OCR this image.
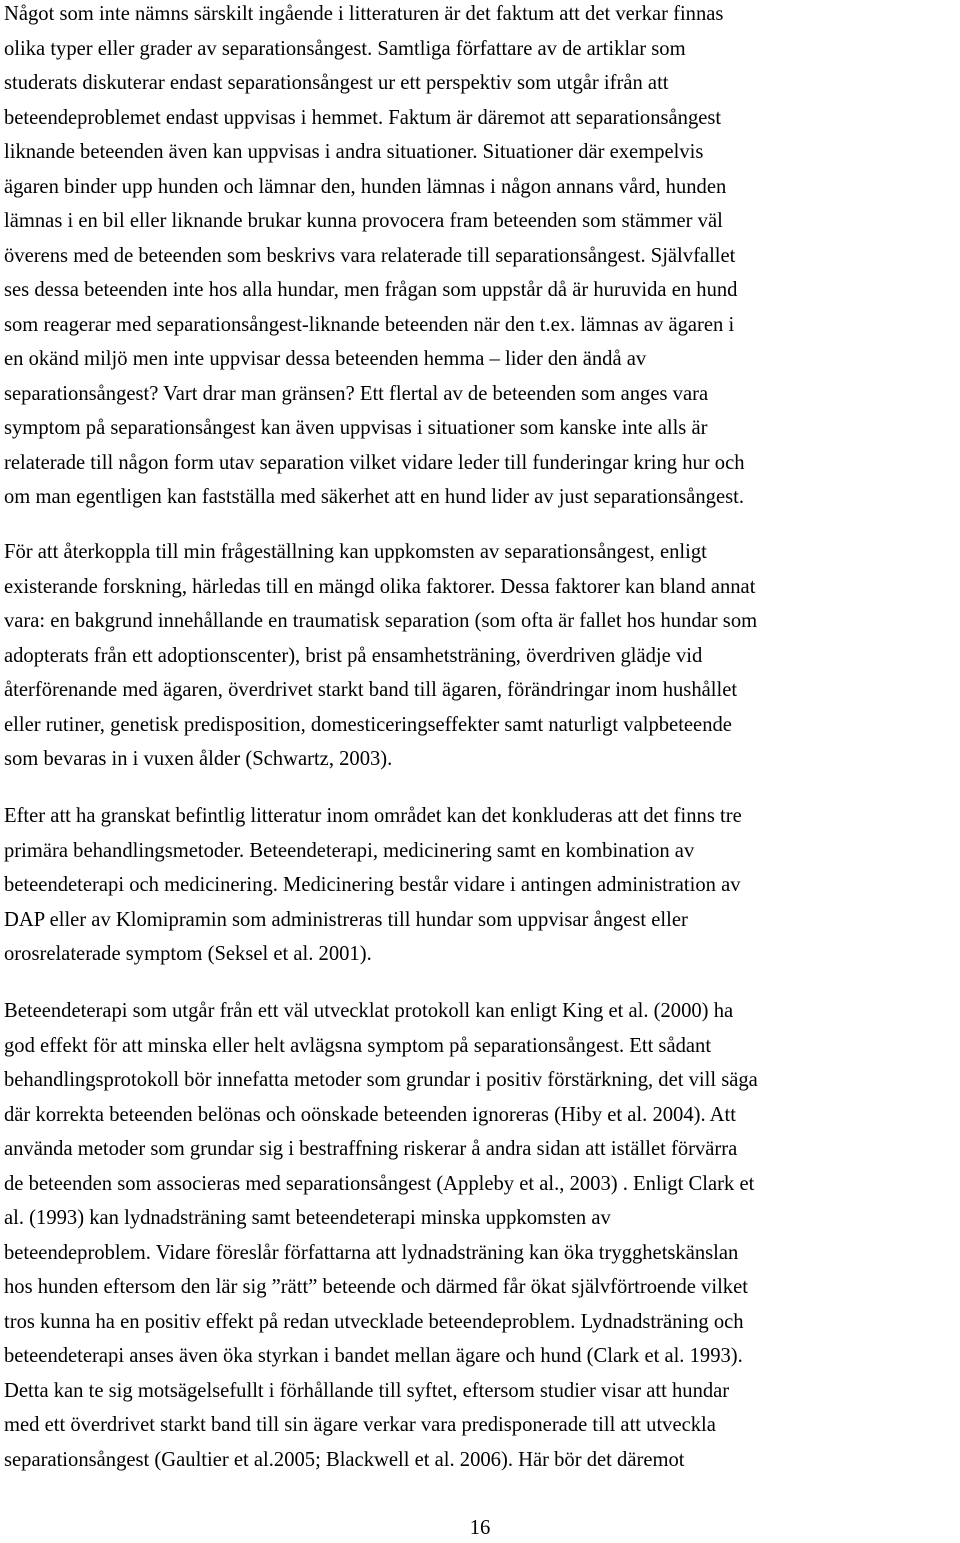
Något som inte nämns särskilt ingående i litteraturen är det faktum att det verkar finnas
olika typer eller grader av separationsångest. Samtliga författare av de artiklar som
studerats diskuterar endast separationsångest ur ett perspektiv som utgår ifrån att
beteendeproblemet endast uppvisas i hemmet. Faktum är däremot att separationsångest
liknande beteenden även kan uppvisas i andra situationer. Situationer där exempelvis
ägaren binder upp hunden och lämnar den, hunden lämnas i någon annans vård, hunden
lämnas i en bil eller liknande brukar kunna provocera fram beteenden som stämmer väl
överens med de beteenden som beskrivs vara relaterade till separationsångest. Självfallet
ses dessa beteenden inte hos alla hundar, men frågan som uppstår då är huruvida en hund
som reagerar med separationsångest-liknande beteenden när den t.ex. lämnas av ägaren i
en okänd miljö men inte uppvisar dessa beteenden hemma – lider den ändå av
separationsångest? Vart drar man gränsen? Ett flertal av de beteenden som anges vara
symptom på separationsångest kan även uppvisas i situationer som kanske inte alls är
relaterade till någon form utav separation vilket vidare leder till funderingar kring hur och
om man egentligen kan fastställa med säkerhet att en hund lider av just separationsångest.
För att återkoppla till min frågeställning kan uppkomsten av separationsångest, enligt
existerande forskning, härledas till en mängd olika faktorer. Dessa faktorer kan bland annat
vara: en bakgrund innehållande en traumatisk separation (som ofta är fallet hos hundar som
adopterats från ett adoptionscenter), brist på ensamhetsträning, överdriven glädje vid
återförenande med ägaren, överdrivet starkt band till ägaren, förändringar inom hushållet
eller rutiner, genetisk predisposition, domesticeringseffekter samt naturligt valpbeteende
som bevaras in i vuxen ålder (Schwartz, 2003).
Efter att ha granskat befintlig litteratur inom området kan det konkluderas att det finns tre
primära behandlingsmetoder. Beteendeterapi, medicinering samt en kombination av
beteendeterapi och medicinering. Medicinering består vidare i antingen administration av
DAP eller av Klomipramin som administreras till hundar som uppvisar ångest eller
orosrelaterade symptom (Seksel et al. 2001).
Beteendeterapi som utgår från ett väl utvecklat protokoll kan enligt King et al. (2000) ha
god effekt för att minska eller helt avlägsna symptom på separationsångest. Ett sådant
behandlingsprotokoll bör innefatta metoder som grundar i positiv förstärkning, det vill säga
där korrekta beteenden belönas och oönskade beteenden ignoreras (Hiby et al. 2004). Att
använda metoder som grundar sig i bestraffning riskerar å andra sidan att istället förvärra
de beteenden som associeras med separationsångest (Appleby et al., 2003) . Enligt Clark et
al. (1993) kan lydnadsträning samt beteendeterapi minska uppkomsten av
beteendeproblem. Vidare föreslår författarna att lydnadsträning kan öka trygghetskänslan
hos hunden eftersom den lär sig ”rätt” beteende och därmed får ökat självförtroende vilket
tros kunna ha en positiv effekt på redan utvecklade beteendeproblem. Lydnadsträning och
beteendeterapi anses även öka styrkan i bandet mellan ägare och hund (Clark et al. 1993).
Detta kan te sig motsägelsefullt i förhållande till syftet, eftersom studier visar att hundar
med ett överdrivet starkt band till sin ägare verkar vara predisponerade till att utveckla
separationsångest (Gaultier et al.2005; Blackwell et al. 2006). Här bör det däremot

16
